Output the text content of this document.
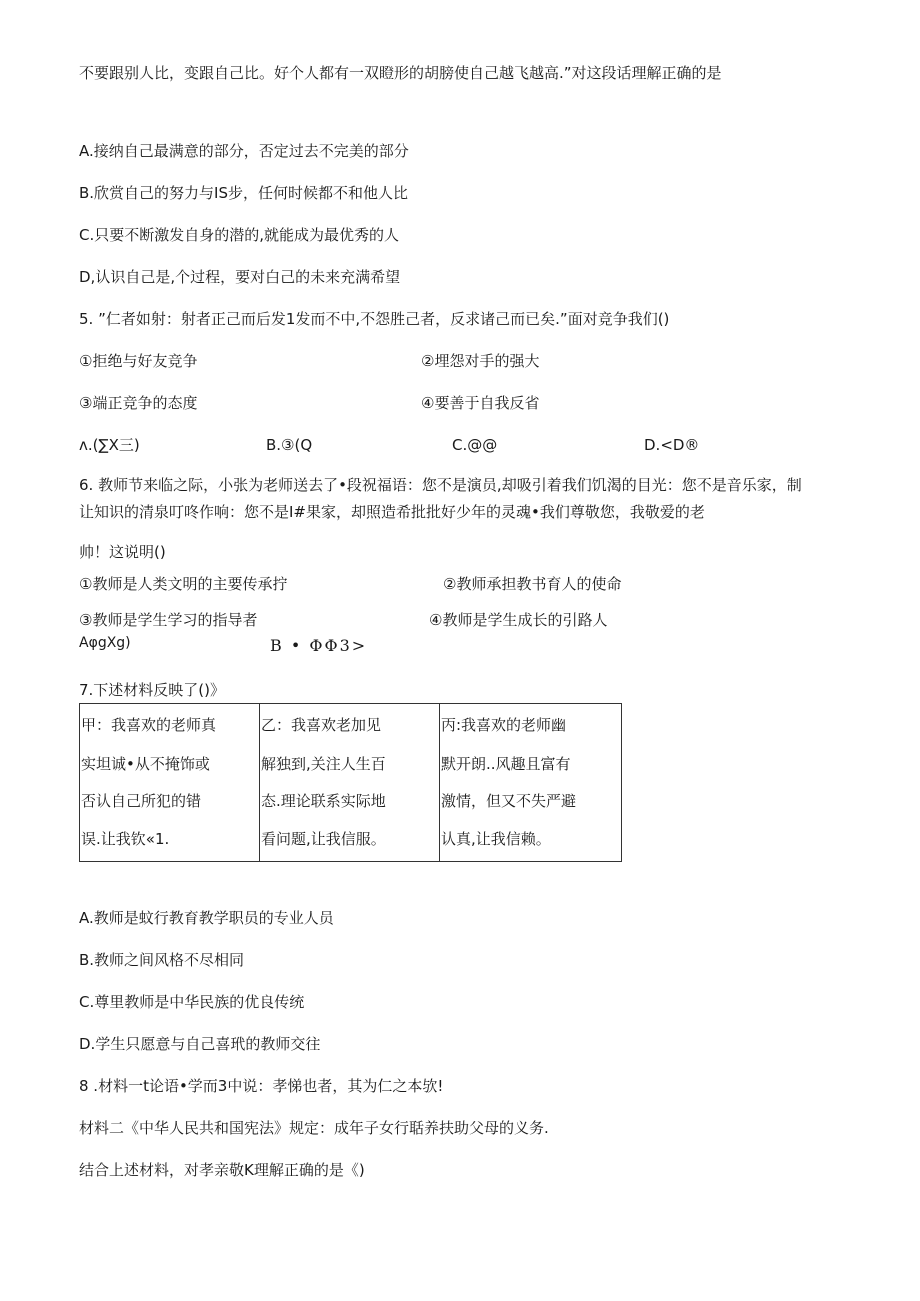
不要跟别人比，变跟自己比。好个人都有一双瞪形的胡膀使自己越飞越高.”对这段话理解正确的是
A.接纳自己最满意的部分，否定过去不完美的部分
B.欣赏自己的努力与IS步，任何时候都不和他人比
C.只要不断激发自身的潜的,就能成为最优秀的人
D,认识自己是,个过程，要对白己的未来充满希望
5. ”仁者如射：射者正己而后发1发而不中,不怨胜己者，反求诸己而已矣.”面对竞争我们()
①拒绝与好友竞争	②埋怨对手的强大
③端正竞争的态度	④要善于自我反省
ʌ.(∑X三)	B.③(Q	C.@@	D.<D®
6. 教师节来临之际，小张为老师送去了•段祝福语：您不是演员,却吸引着我们饥渴的目光：您不是音乐家，制
让知识的清泉叮咚作响：您不是I#果家，却照造希批批好少年的灵魂•我们尊敬您，我敬爱的老
帅！这说明()
①教师是人类文明的主要传承拧	②教师承担教书育人的使命
③教师是学生学习的指导者	④教师是学生成长的引路人
AφgXg)	B • ΦΦ3>
7.下述材料反映了()》
甲：我喜欢的老师真
实坦诚•从不掩饰或
否认自己所犯的错
误.让我钦«1.

乙：我喜欢老加见
解独到,关注人生百
态.理论联系实际地
看问题,让我信服。

丙:我喜欢的老师幽
默开朗..风趣且富有
激情，但又不失严避
认真,让我信赖。
A.教师是蚊行教育教学职员的专业人员
B.教师之间风格不尽相同
C.尊里教师是中华民族的优良传统
D.学生只愿意与自己喜玳的教师交往
8 .材料一t论语•学而3中说：孝悌也者，其为仁之本欤!
材料二《中华人民共和国宪法》规定：成年子女行聒养扶助父母的义务.
结合上述材料，对孝亲敬K理解正确的是《)
